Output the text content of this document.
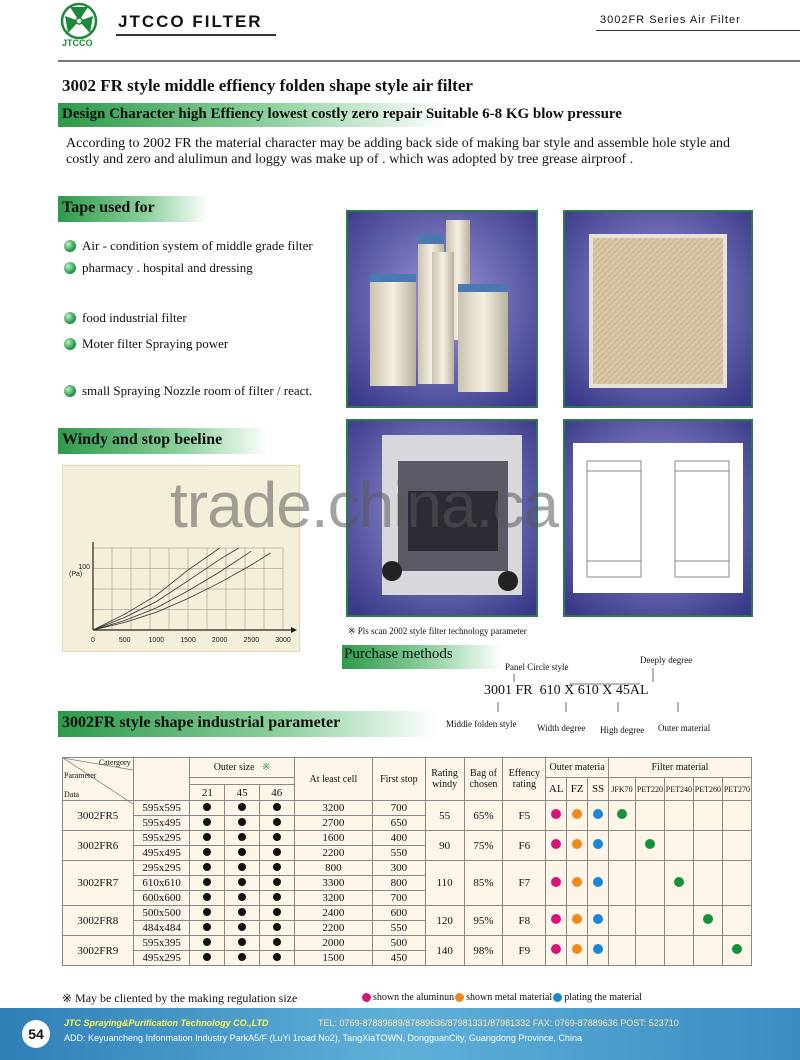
JTCCO
JTCCO FILTER	3002FR Series Air Filter
3002 FR style middle effiency folden shape style air filter
Design Character high Effiency lowest costly zero repair Suitable 6-8 KG blow pressure
According to 2002 FR the material character may be adding back side of making bar style and assemble hole style and costly and zero and alulimun and loggy was make up of . which was adopted by tree grease airproof .
Tape used for
Air - condition system of middle grade filter
pharmacy . hospital and dressing
food industrial filter
Moter filter Spraying power
small Spraying Nozzle room of filter / react.
Windy and stop beeline
0	500	1000 1500 2000 2500 3000
100
(Pa)
trade.china.ca
※ Pls scan 2002 style filter technology parameter
Purchase methods
Panel Circle style
Deeply degree
3001 FR 610 X 610 X 45AL
Middle folden style Width degree High degree Outer material
3002FR style shape industrial parameter
Catergory
Parameter
Data		Outer size ※			At least cell	First stop	Rating windy	Bag of chosen	Effency rating	Outer materia			Filter material				
										AL	FZ	SS	JFK70	PET220	PET240	PET260	PET270
		21	45	46													
3002FR5	595x595				3200	700	55	65%	F5								
	595x495				2700	650											
3002FR6	595x295				1600	400	90	75%	F6								
	495x495				2200	550											
3002FR7	295x295				800	300	110	85%	F7								
	610x610				3300	800											
	600x600				3200	700											
3002FR8	500x500				2400	600	120	95%	F8								
	484x484				2200	550											
3002FR9	595x395				2000	500	140	98%	F9								
	495x295				1500	450											
※ May be cliented by the making regulation size	shown the aluminun shown metal material plating the material
54
JTC Spraying&Purification Technology CO.,LTD	TEL: 0769-87889689/87889636/87981331/87981332 FAX: 0769-87889636 POST: 523710
ADD: Keyuancheng Infonmation Industry ParkA5/F (LuYi 1road No2), TangXiaTOWN, DongguanCity, Guangdong Province, China
